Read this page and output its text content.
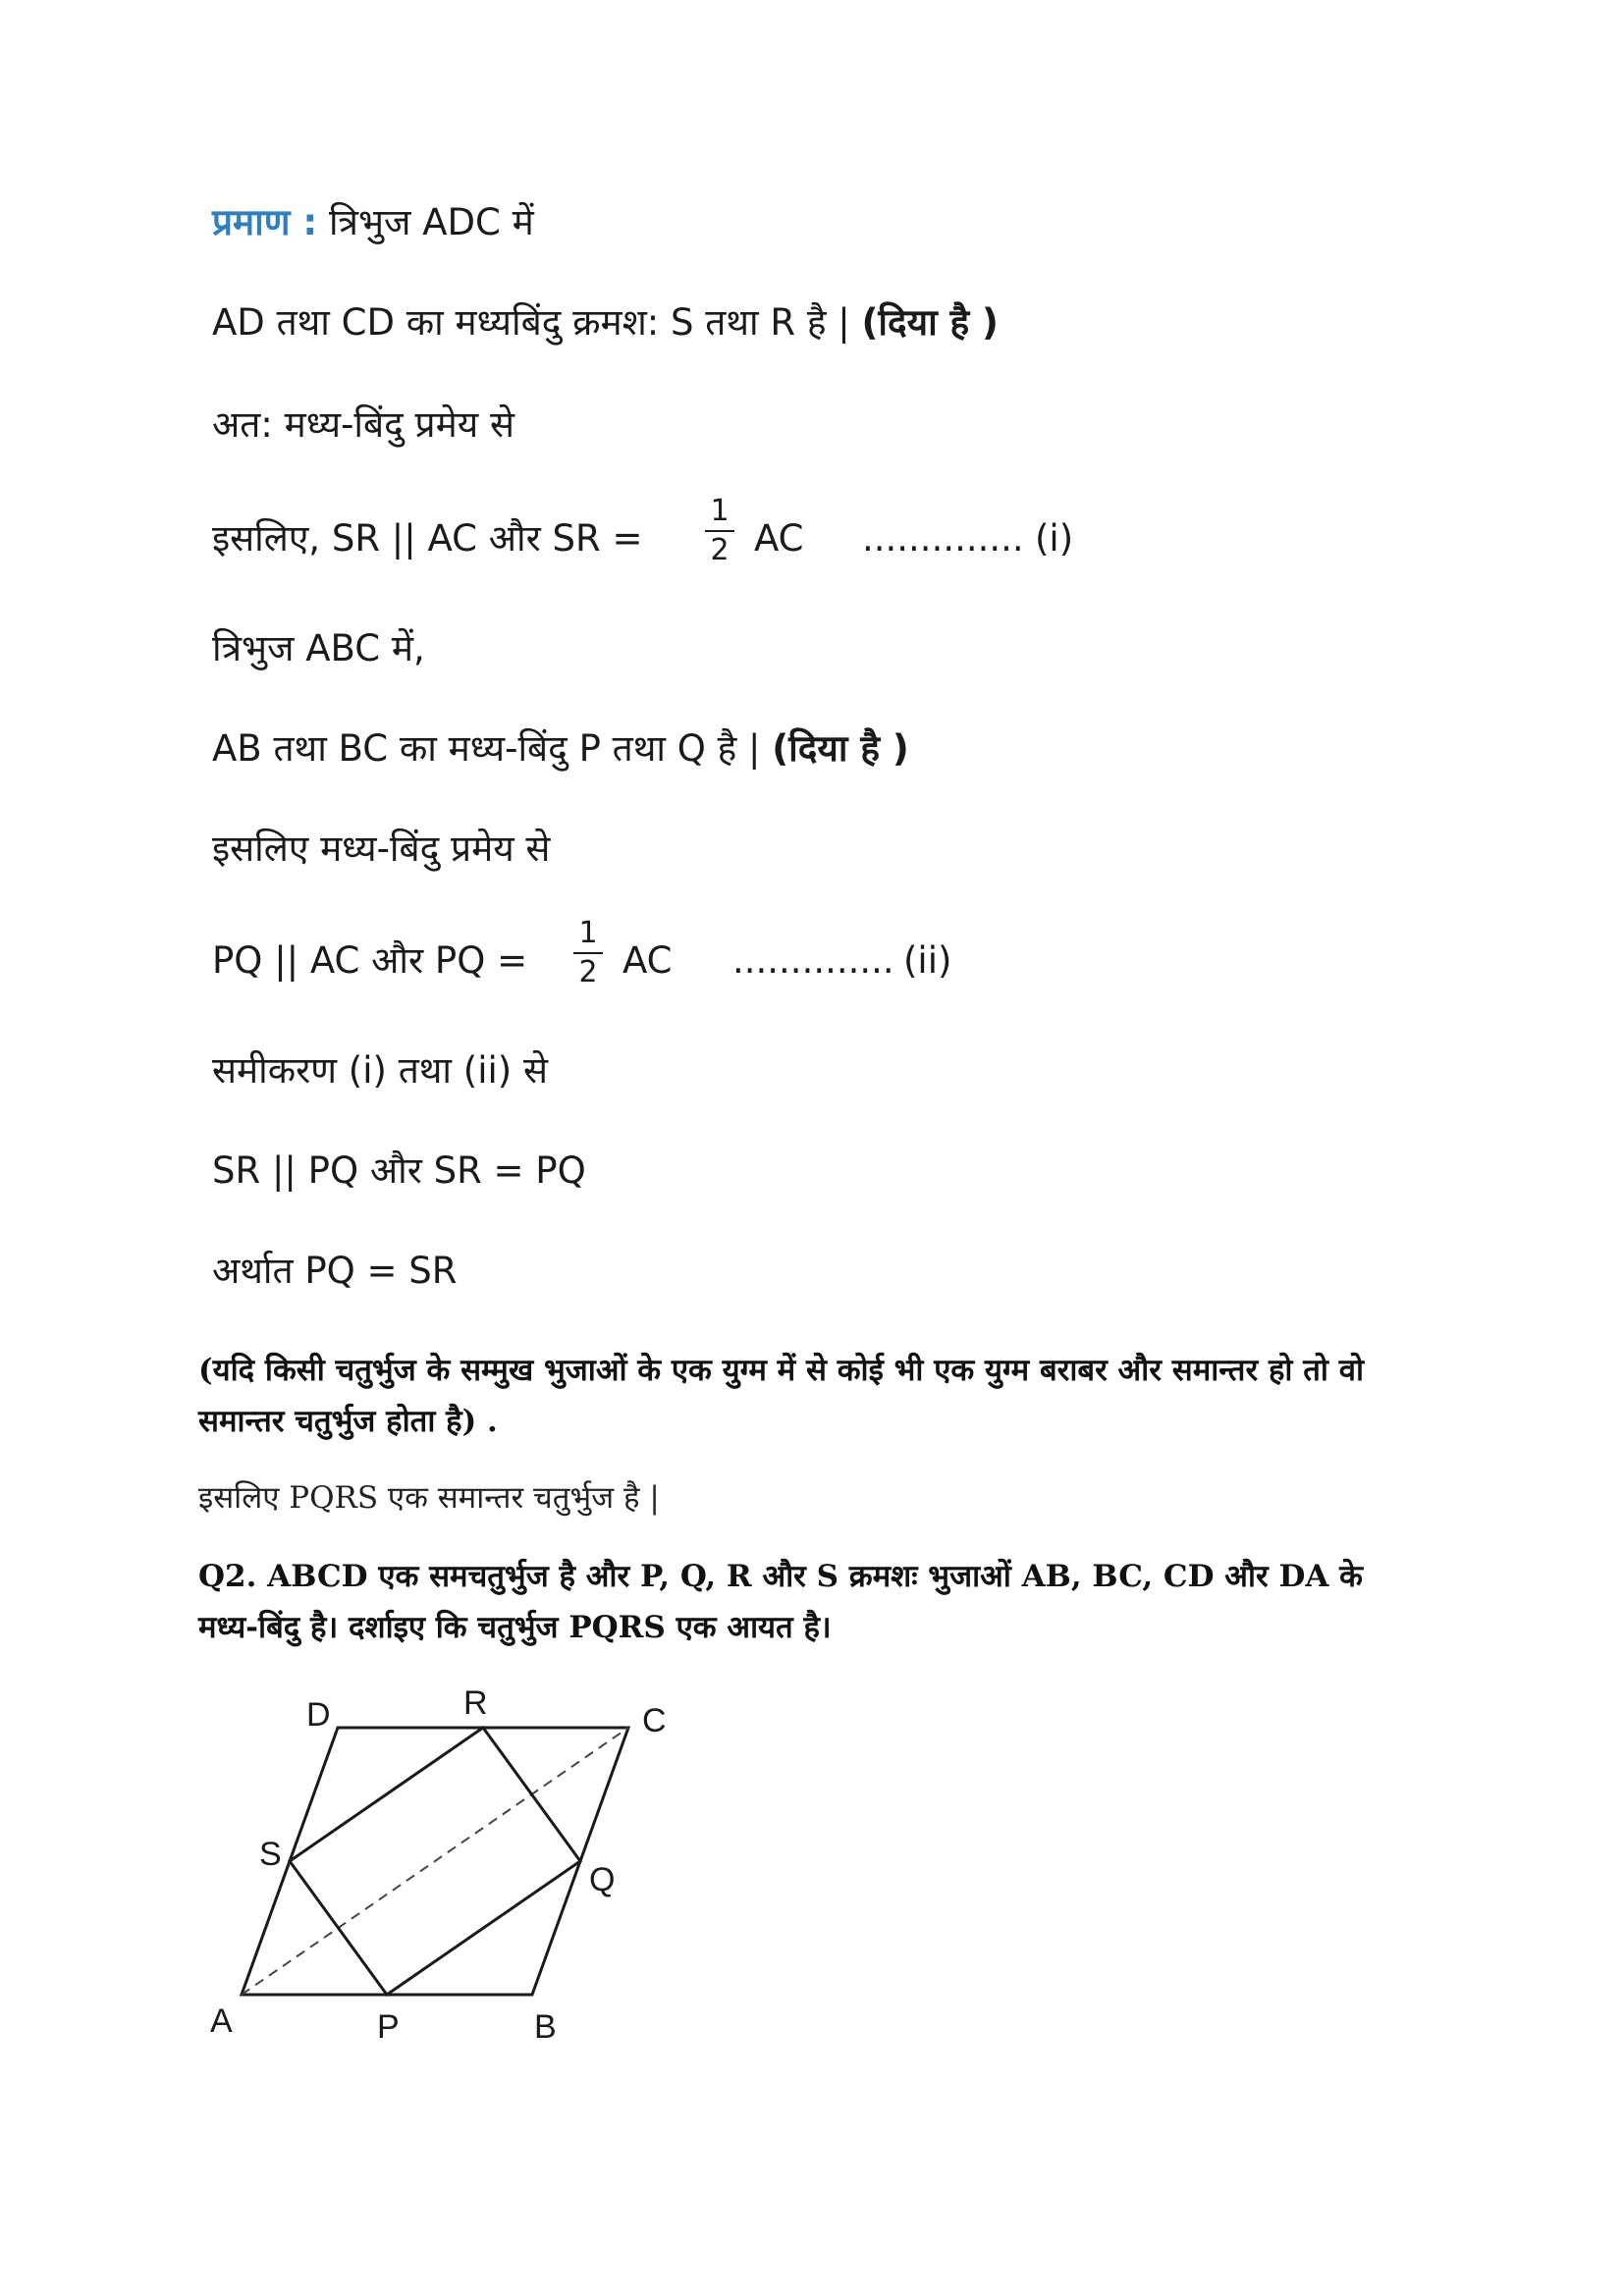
प्रमाण : त्रिभुज ADC में
AD तथा CD का मध्यबिंदु क्रमश: S तथा R है | (दिया है )
अत: मध्य-बिंदु प्रमेय से
इसलिए, SR || AC और SR =
1
2 AC .............. (i)
त्रिभुज ABC में,
AB तथा BC का मध्य-बिंदु P तथा Q है | (दिया है )
इसलिए मध्य-बिंदु प्रमेय से
PQ || AC और PQ =
1
2 AC .............. (ii)
समीकरण (i) तथा (ii) से
SR || PQ और SR = PQ
अर्थात PQ = SR
(यदि किसी चतुर्भुज के सम्मुख भुजाओं के एक युग्म में से कोई भी एक युग्म बराबर और समान्तर हो तो वो समान्तर चतुर्भुज होता है) .
इसलिए PQRS एक समान्तर चतुर्भुज है |
Q2. ABCD एक समचतुर्भुज है और P, Q, R और S क्रमशः भुजाओं AB, BC, CD और DA के मध्य-बिंदु है। दर्शाइए कि चतुर्भुज PQRS एक आयत है।
D	R	C
S
Q
A	P	B
